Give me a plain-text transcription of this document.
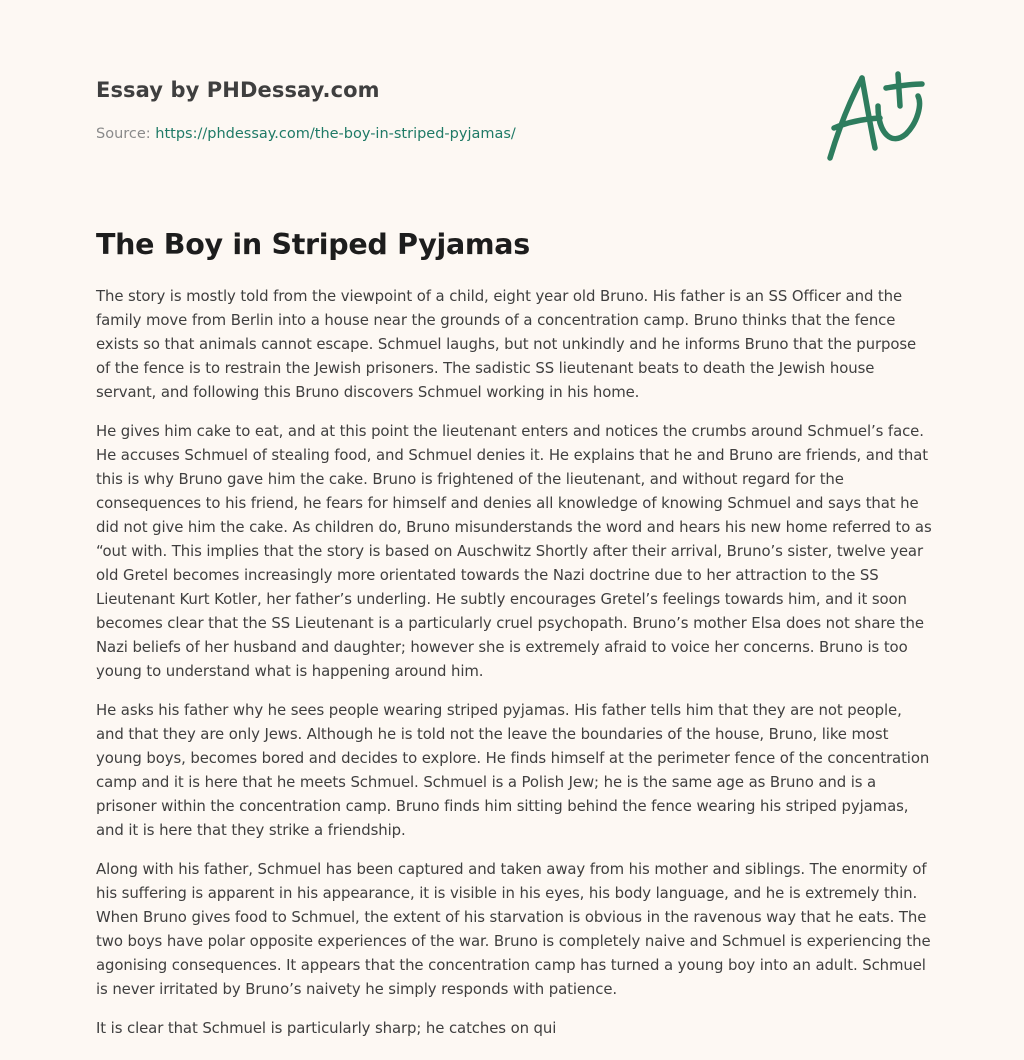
Essay by PHDessay.com
Source: https://phdessay.com/the-boy-in-striped-pyjamas/
The Boy in Striped Pyjamas

The story is mostly told from the viewpoint of a child, eight year old Bruno. His father is an SS Officer and the family move from Berlin into a house near the grounds of a concentration camp. Bruno thinks that the fence exists so that animals cannot escape. Schmuel laughs, but not unkindly and he informs Bruno that the purpose of the fence is to restrain the Jewish prisoners. The sadistic SS lieutenant beats to death the Jewish house servant, and following this Bruno discovers Schmuel working in his home.

He gives him cake to eat, and at this point the lieutenant enters and notices the crumbs around Schmuel’s face. He accuses Schmuel of stealing food, and Schmuel denies it. He explains that he and Bruno are friends, and that this is why Bruno gave him the cake. Bruno is frightened of the lieutenant, and without regard for the consequences to his friend, he fears for himself and denies all knowledge of knowing Schmuel and says that he did not give him the cake. As children do, Bruno misunderstands the word and hears his new home referred to as “out with. This implies that the story is based on Auschwitz Shortly after their arrival, Bruno’s sister, twelve year old Gretel becomes increasingly more orientated towards the Nazi doctrine due to her attraction to the SS Lieutenant Kurt Kotler, her father’s underling. He subtly encourages Gretel’s feelings towards him, and it soon becomes clear that the SS Lieutenant is a particularly cruel psychopath. Bruno’s mother Elsa does not share the Nazi beliefs of her husband and daughter; however she is extremely afraid to voice her concerns. Bruno is too young to understand what is happening around him.

He asks his father why he sees people wearing striped pyjamas. His father tells him that they are not people, and that they are only Jews. Although he is told not the leave the boundaries of the house, Bruno, like most young boys, becomes bored and decides to explore. He finds himself at the perimeter fence of the concentration camp and it is here that he meets Schmuel. Schmuel is a Polish Jew; he is the same age as Bruno and is a prisoner within the concentration camp. Bruno finds him sitting behind the fence wearing his striped pyjamas, and it is here that they strike a friendship.

Along with his father, Schmuel has been captured and taken away from his mother and siblings. The enormity of his suffering is apparent in his appearance, it is visible in his eyes, his body language, and he is extremely thin. When Bruno gives food to Schmuel, the extent of his starvation is obvious in the ravenous way that he eats. The two boys have polar opposite experiences of the war. Bruno is completely naive and Schmuel is experiencing the agonising consequences. It appears that the concentration camp has turned a young boy into an adult. Schmuel is never irritated by Bruno’s naivety he simply responds with patience.

It is clear that Schmuel is particularly sharp; he catches on qui
